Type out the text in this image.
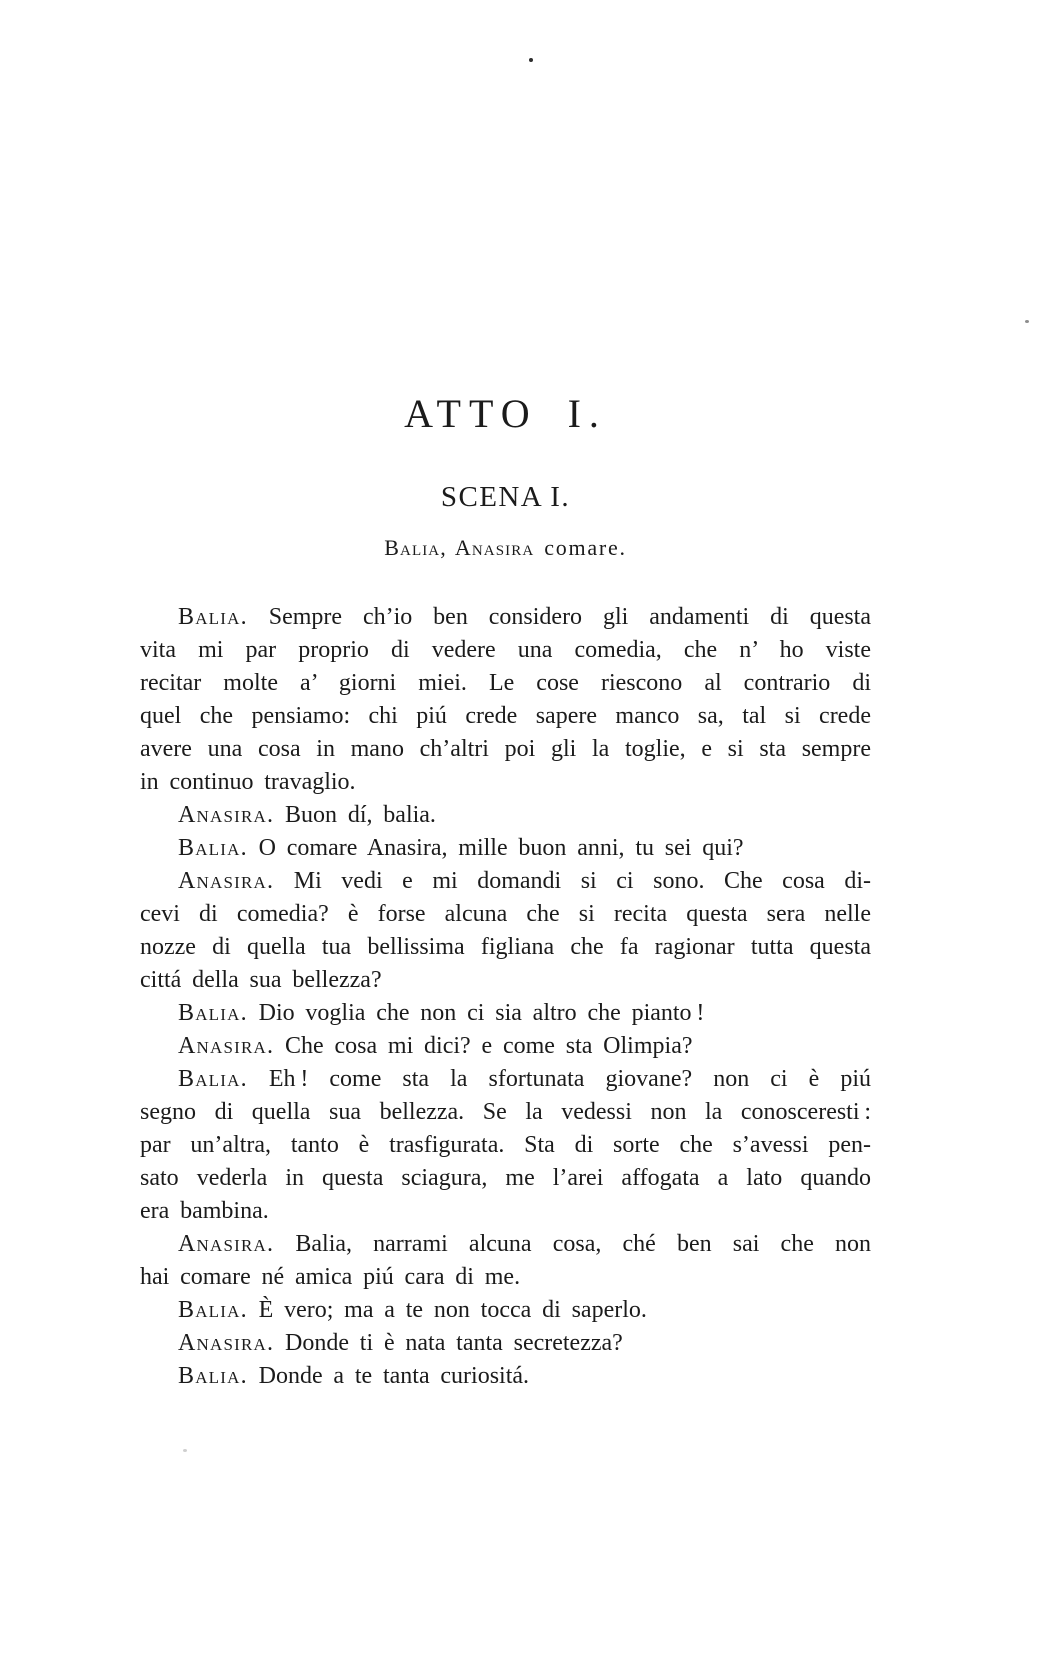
ATTO I.
SCENA I.
Balia, Anasira comare.
Balia. Sempre ch’io ben considero gli andamenti di questa
vita mi par proprio di vedere una comedia, che n’ ho viste
recitar molte a’ giorni miei. Le cose riescono al contrario di
quel che pensiamo: chi piú crede sapere manco sa, tal si crede
avere una cosa in mano ch’altri poi gli la toglie, e si sta sempre
in continuo travaglio.
Anasira. Buon dí, balia.
Balia. O comare Anasira, mille buon anni, tu sei qui?
Anasira. Mi vedi e mi domandi si ci sono. Che cosa di-
cevi di comedia? è forse alcuna che si recita questa sera nelle
nozze di quella tua bellissima figliana che fa ragionar tutta questa
cittá della sua bellezza?
Balia. Dio voglia che non ci sia altro che pianto !
Anasira. Che cosa mi dici? e come sta Olimpia?
Balia. Eh ! come sta la sfortunata giovane? non ci è piú
segno di quella sua bellezza. Se la vedessi non la conosceresti :
par un’altra, tanto è trasfigurata. Sta di sorte che s’avessi pen-
sato vederla in questa sciagura, me l’arei affogata a lato quando
era bambina.
Anasira. Balia, narrami alcuna cosa, ché ben sai che non
hai comare né amica piú cara di me.
Balia. È vero; ma a te non tocca di saperlo.
Anasira. Donde ti è nata tanta secretezza?
Balia. Donde a te tanta curiositá.
